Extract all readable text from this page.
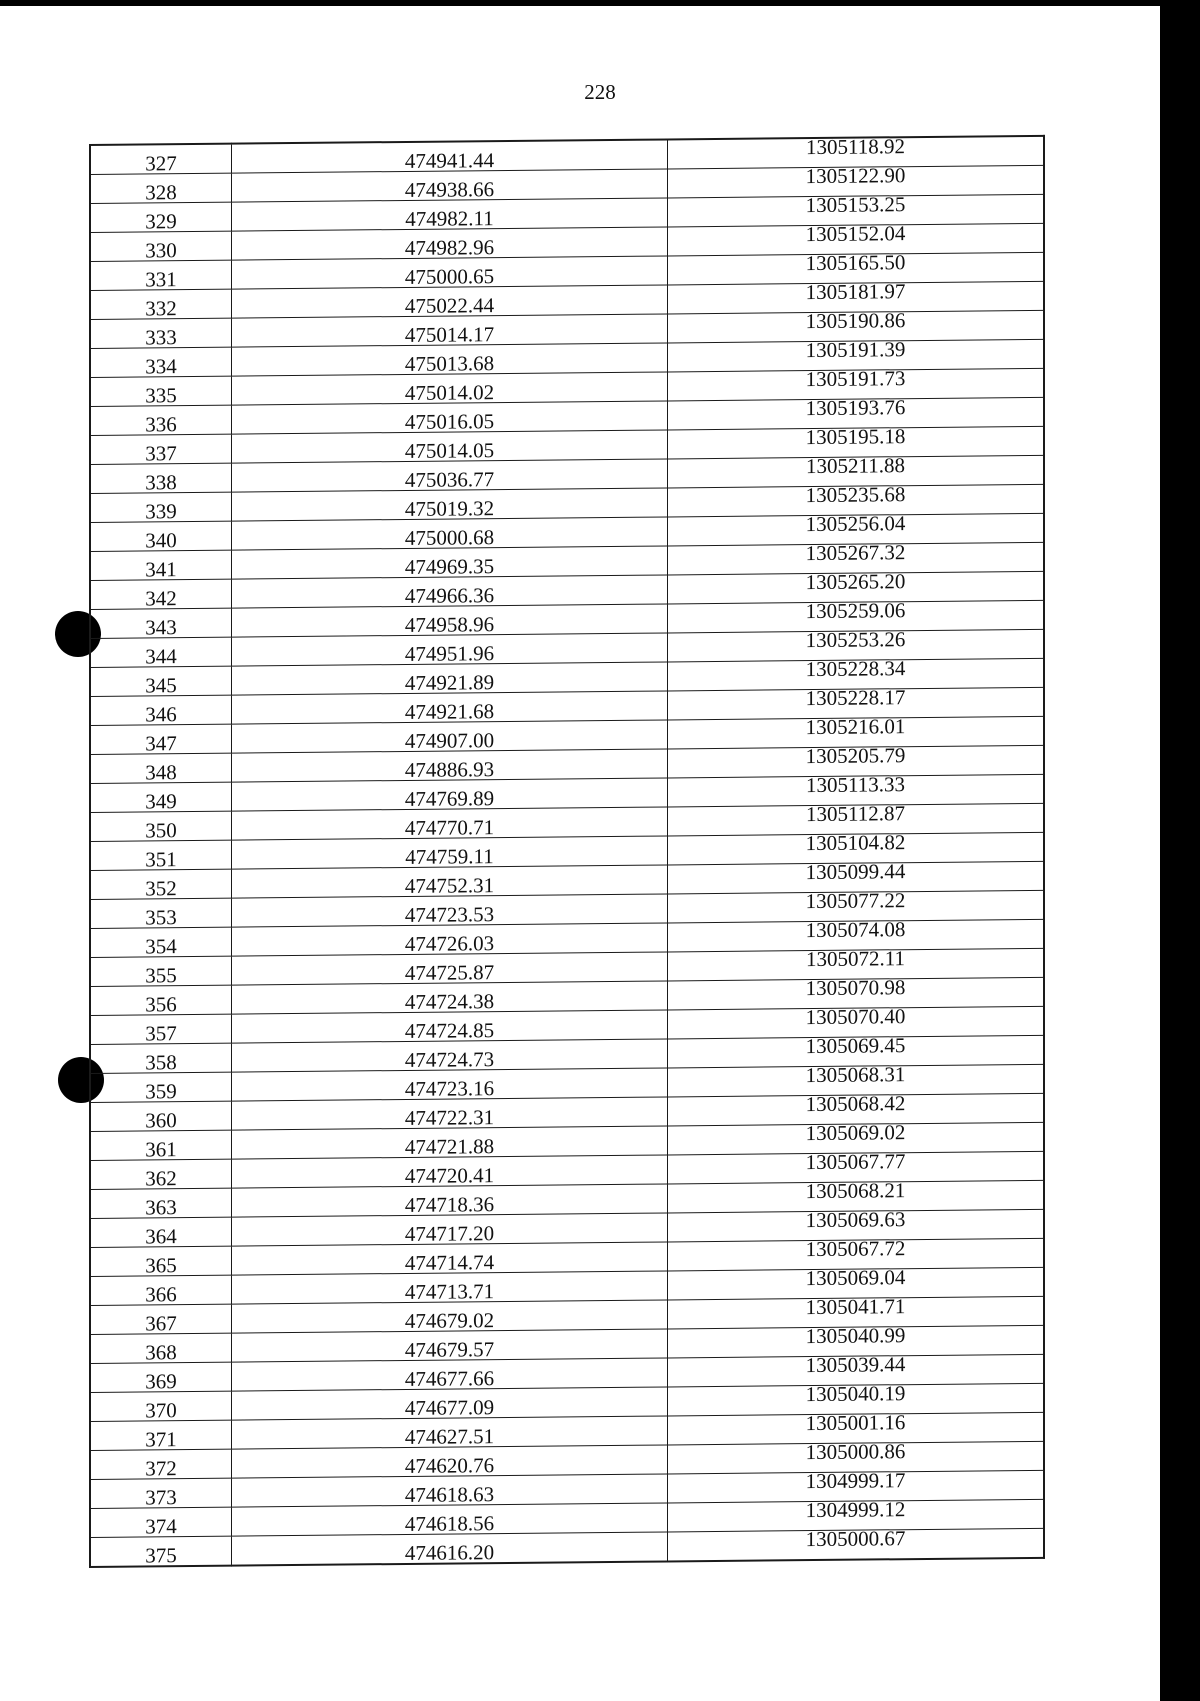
228
327	474941.44	1305118.92
328	474938.66	1305122.90
329	474982.11	1305153.25
330	474982.96	1305152.04
331	475000.65	1305165.50
332	475022.44	1305181.97
333	475014.17	1305190.86
334	475013.68	1305191.39
335	475014.02	1305191.73
336	475016.05	1305193.76
337	475014.05	1305195.18
338	475036.77	1305211.88
339	475019.32	1305235.68
340	475000.68	1305256.04
341	474969.35	1305267.32
342	474966.36	1305265.20
343	474958.96	1305259.06
344	474951.96	1305253.26
345	474921.89	1305228.34
346	474921.68	1305228.17
347	474907.00	1305216.01
348	474886.93	1305205.79
349	474769.89	1305113.33
350	474770.71	1305112.87
351	474759.11	1305104.82
352	474752.31	1305099.44
353	474723.53	1305077.22
354	474726.03	1305074.08
355	474725.87	1305072.11
356	474724.38	1305070.98
357	474724.85	1305070.40
358	474724.73	1305069.45
359	474723.16	1305068.31
360	474722.31	1305068.42
361	474721.88	1305069.02
362	474720.41	1305067.77
363	474718.36	1305068.21
364	474717.20	1305069.63
365	474714.74	1305067.72
366	474713.71	1305069.04
367	474679.02	1305041.71
368	474679.57	1305040.99
369	474677.66	1305039.44
370	474677.09	1305040.19
371	474627.51	1305001.16
372	474620.76	1305000.86
373	474618.63	1304999.17
374	474618.56	1304999.12
375	474616.20	1305000.67
